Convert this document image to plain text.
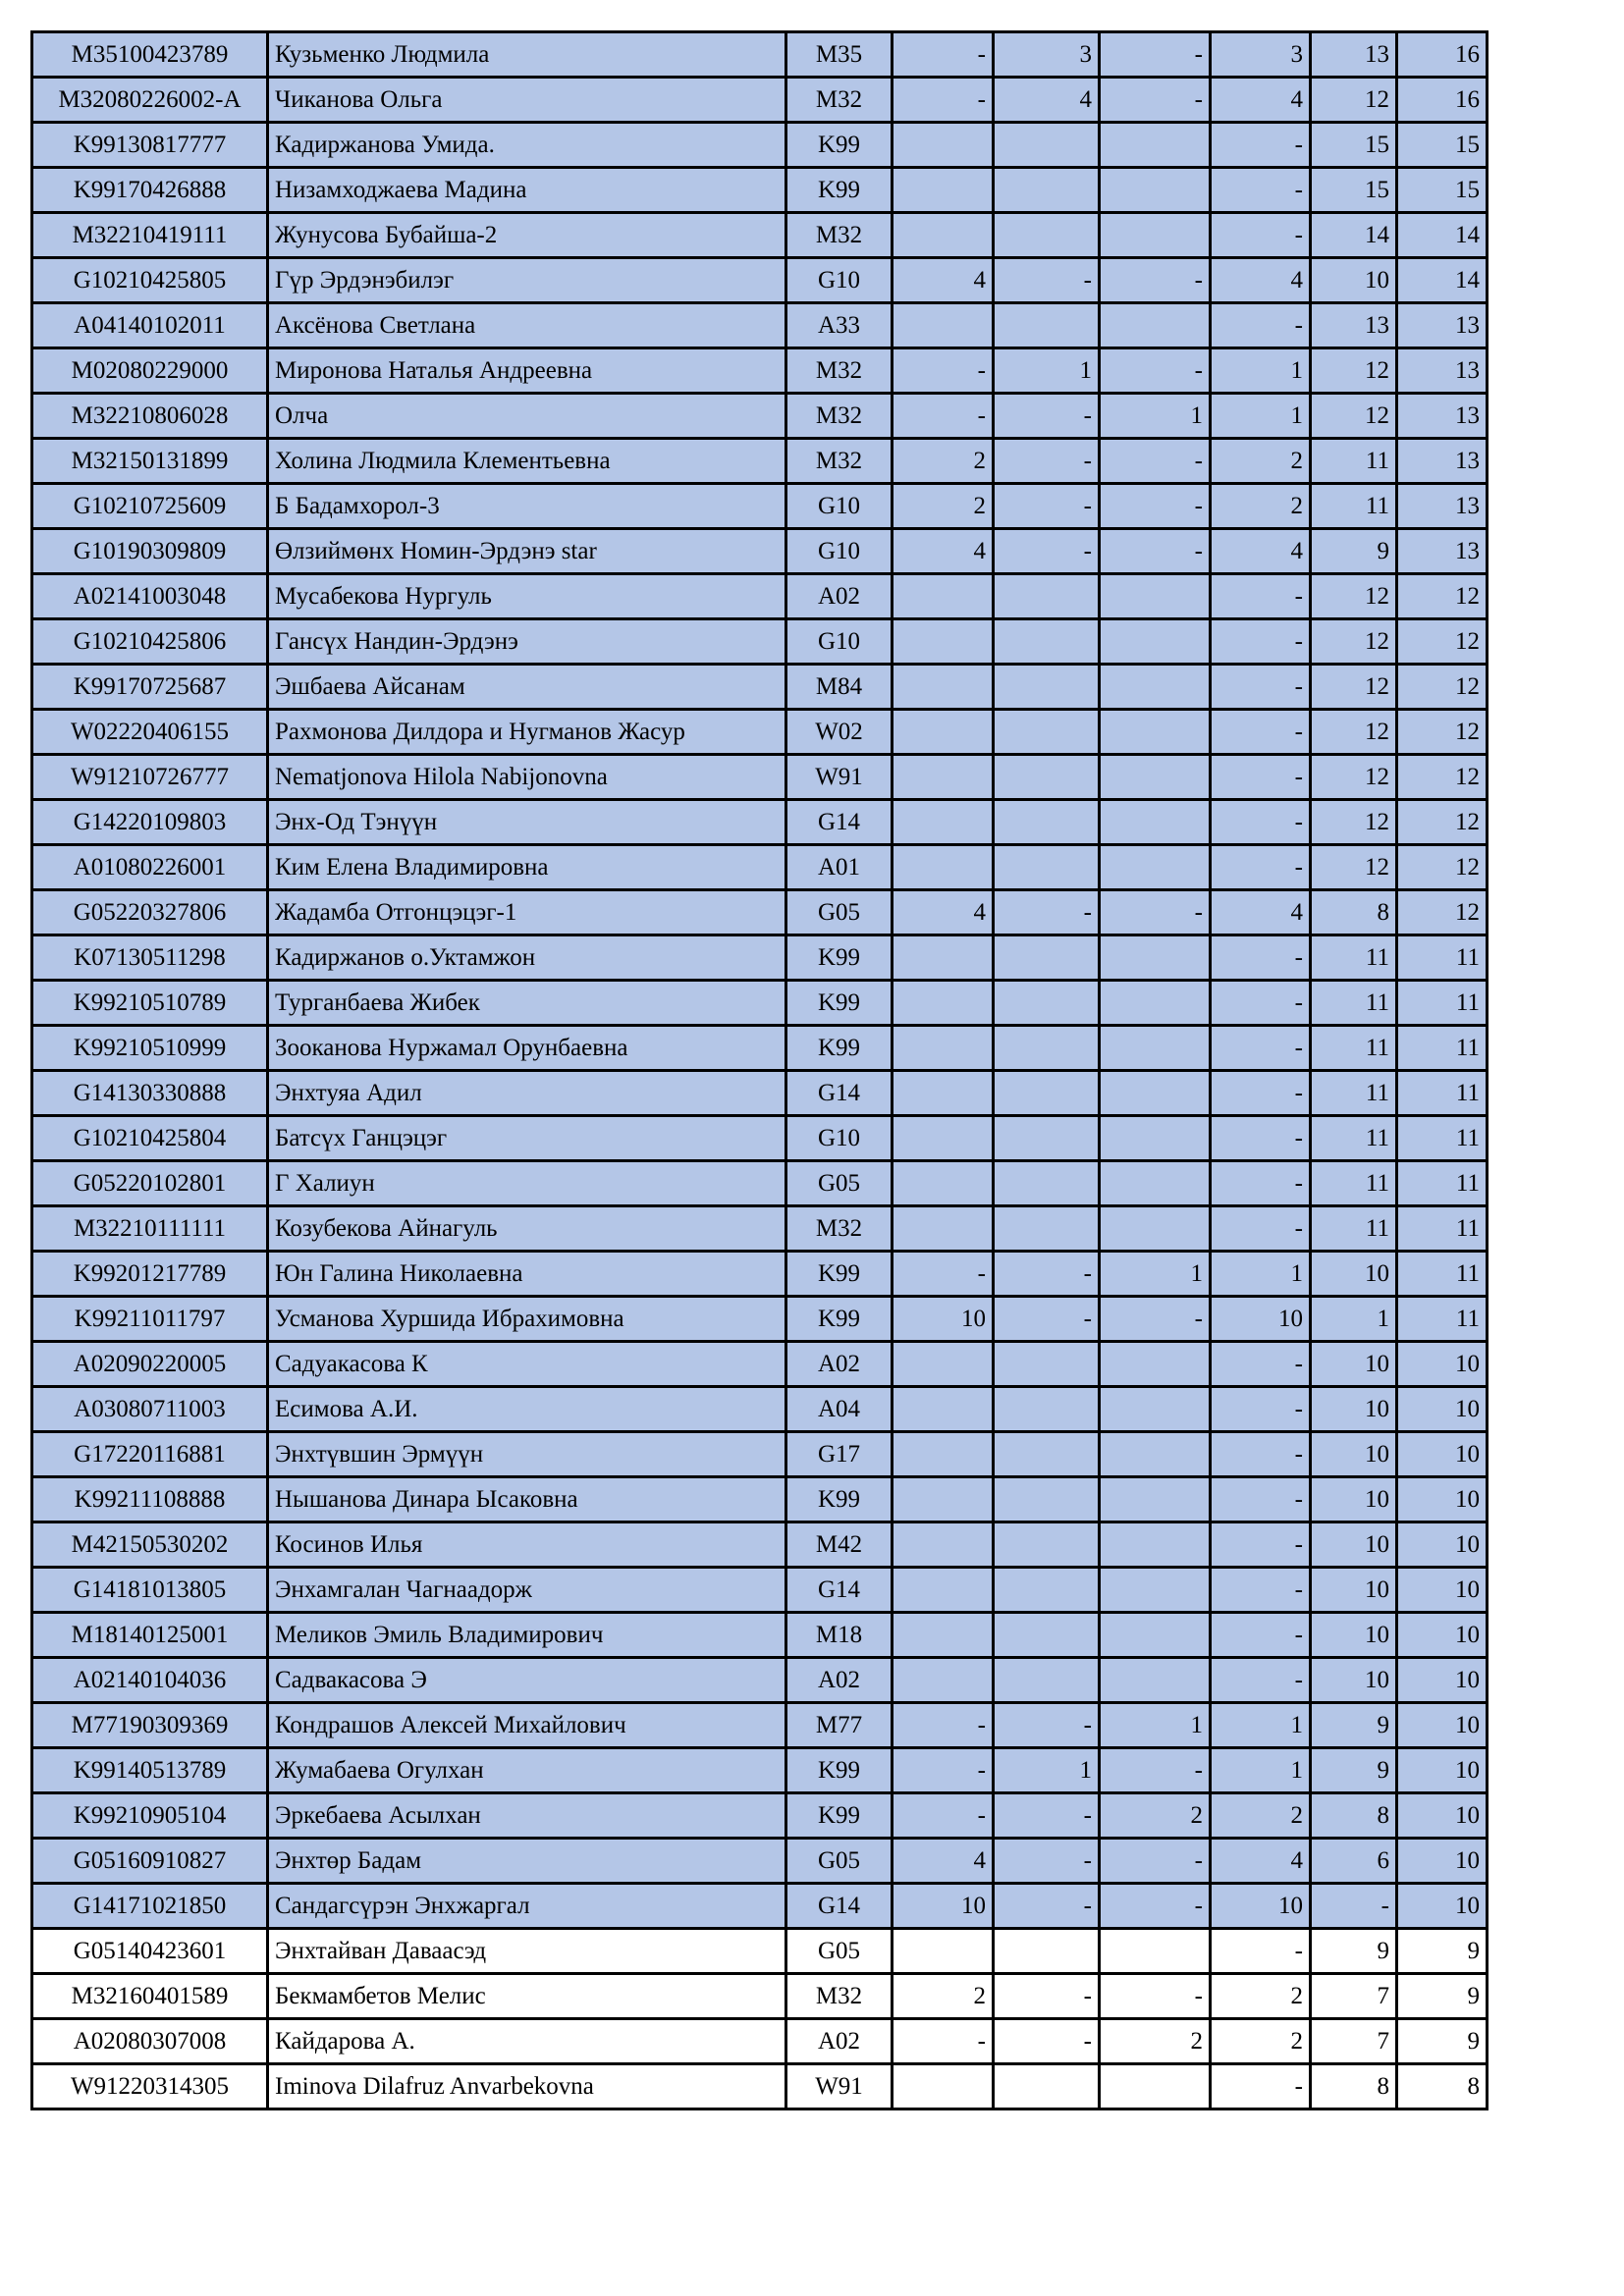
M35100423789	Кузьменко Людмила	M35	-	3	-	3	13	16
M32080226002-A	Чиканова Ольга	M32	-	4	-	4	12	16
K99130817777	Кадиржанова Умида.	K99				-	15	15
K99170426888	Низамходжаева Мадина	K99				-	15	15
M32210419111	Жунусова Бубайша-2	M32				-	14	14
G10210425805	Гүр Эрдэнэбилэг	G10	4	-	-	4	10	14
A04140102011	Аксёнова Светлана	A33				-	13	13
M02080229000	Миронова Наталья Андреевна	M32	-	1	-	1	12	13
M32210806028	Олча	M32	-	-	1	1	12	13
M32150131899	Холина Людмила Клементьевна	M32	2	-	-	2	11	13
G10210725609	Б Бадамхорол-3	G10	2	-	-	2	11	13
G10190309809	Өлзиймөнх Номин-Эрдэнэ star	G10	4	-	-	4	9	13
A02141003048	Мусабекова Нургуль	A02				-	12	12
G10210425806	Гансүх Нандин-Эрдэнэ	G10				-	12	12
K99170725687	Эшбаева Айсанам	M84				-	12	12
W02220406155	Рахмонова Дилдора и Нугманов Жасур	W02				-	12	12
W91210726777	Nematjonova Hilola Nabijonovna	W91				-	12	12
G14220109803	Энх-Од Тэнүүн	G14				-	12	12
A01080226001	Ким Елена Владимировна	A01				-	12	12
G05220327806	Жадамба Отгонцэцэг-1	G05	4	-	-	4	8	12
K07130511298	Кадиржанов о.Уктамжон	K99				-	11	11
K99210510789	Турганбаева Жибек	K99				-	11	11
K99210510999	Зооканова Нуржамал Орунбаевна	K99				-	11	11
G14130330888	Энхтуяа Адил	G14				-	11	11
G10210425804	Батсүх Ганцэцэг	G10				-	11	11
G05220102801	Г Халиун	G05				-	11	11
M32210111111	Козубекова Айнагуль	M32				-	11	11
K99201217789	Юн Галина Николаевна	K99	-	-	1	1	10	11
K99211011797	Усманова Хуршида Ибрахимовна	K99	10	-	-	10	1	11
A02090220005	Садуакасова К	A02				-	10	10
A03080711003	Есимова А.И.	A04				-	10	10
G17220116881	Энхтүвшин Эрмүүн	G17				-	10	10
K99211108888	Нышанова Динара Ысаковна	K99				-	10	10
M42150530202	Косинов Илья	M42				-	10	10
G14181013805	Энхамгалан Чагнаадорж	G14				-	10	10
M18140125001	Меликов Эмиль Владимирович	M18				-	10	10
A02140104036	Садвакасова Э	A02				-	10	10
M77190309369	Кондрашов Алексей Михайлович	M77	-	-	1	1	9	10
K99140513789	Жумабаева Огулхан	K99	-	1	-	1	9	10
K99210905104	Эркебаева Асылхан	K99	-	-	2	2	8	10
G05160910827	Энхтөр Бадам	G05	4	-	-	4	6	10
G14171021850	Сандагсүрэн Энхжаргал	G14	10	-	-	10	-	10
G05140423601	Энхтайван Даваасэд	G05				-	9	9
M32160401589	Бекмамбетов Мелис	M32	2	-	-	2	7	9
A02080307008	Кайдарова А.	A02	-	-	2	2	7	9
W91220314305	Iminova Dilafruz Anvarbekovna	W91				-	8	8
